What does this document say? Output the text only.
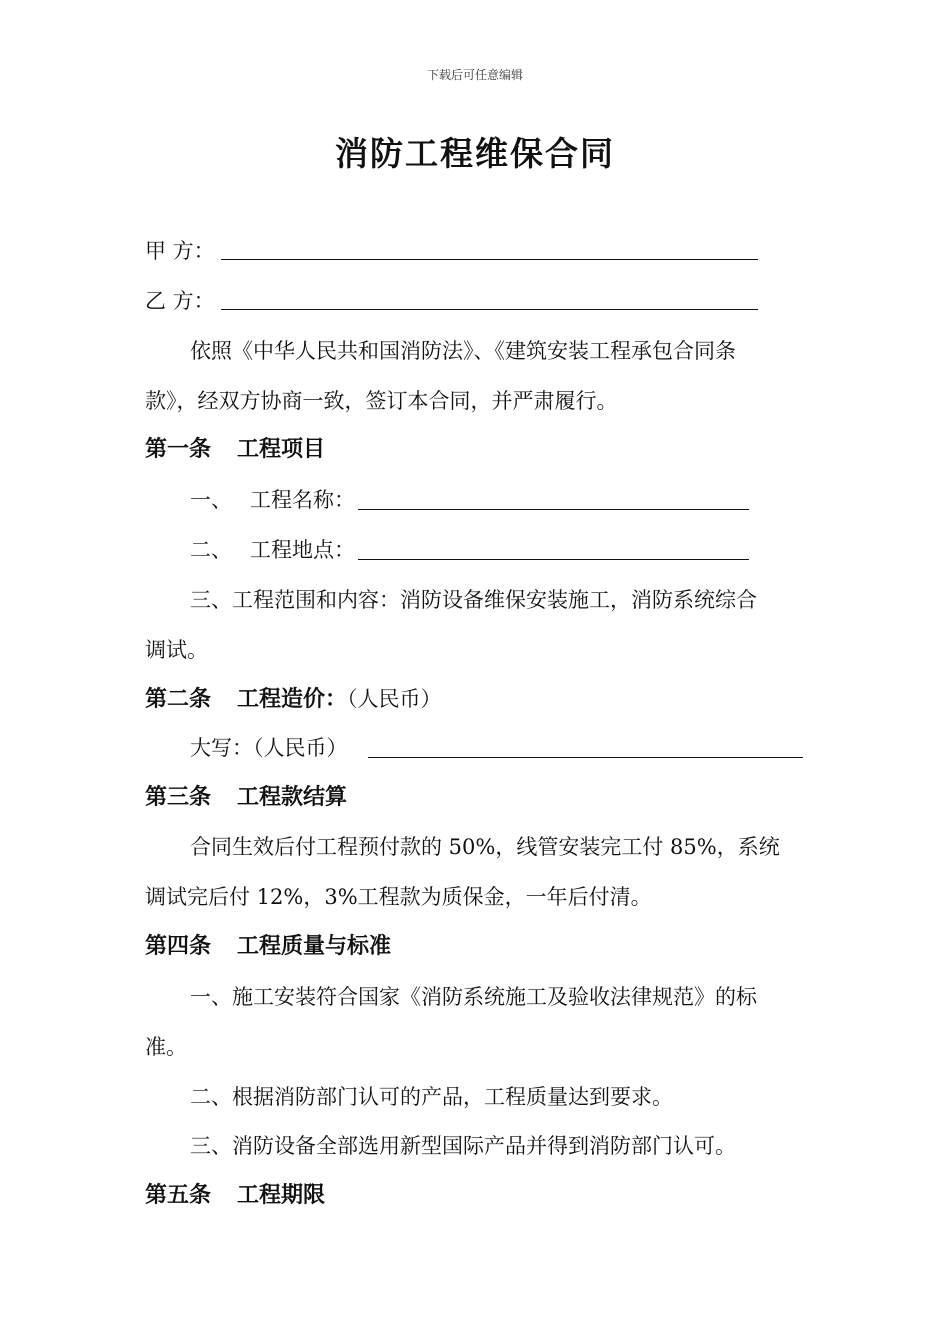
下载后可任意编辑
消防工程维保合同
甲 方：
乙 方：
依照《中华人民共和国消防法》、《建筑安装工程承包合同条
款》，经双方协商一致，签订本合同，并严肃履行。
第一条 工程项目
一、 工程名称：
二、 工程地点：
三、工程范围和内容：消防设备维保安装施工，消防系统综合
调试。
第二条 工程造价：（人民币）
大写：（人民币）
第三条 工程款结算
合同生效后付工程预付款的 50%，线管安装完工付 85%，系统
调试完后付 12%，3%工程款为质保金，一年后付清。
第四条 工程质量与标准
一、施工安装符合国家《消防系统施工及验收法律规范》的标
准。
二、根据消防部门认可的产品，工程质量达到要求。
三、消防设备全部选用新型国际产品并得到消防部门认可。
第五条 工程期限
